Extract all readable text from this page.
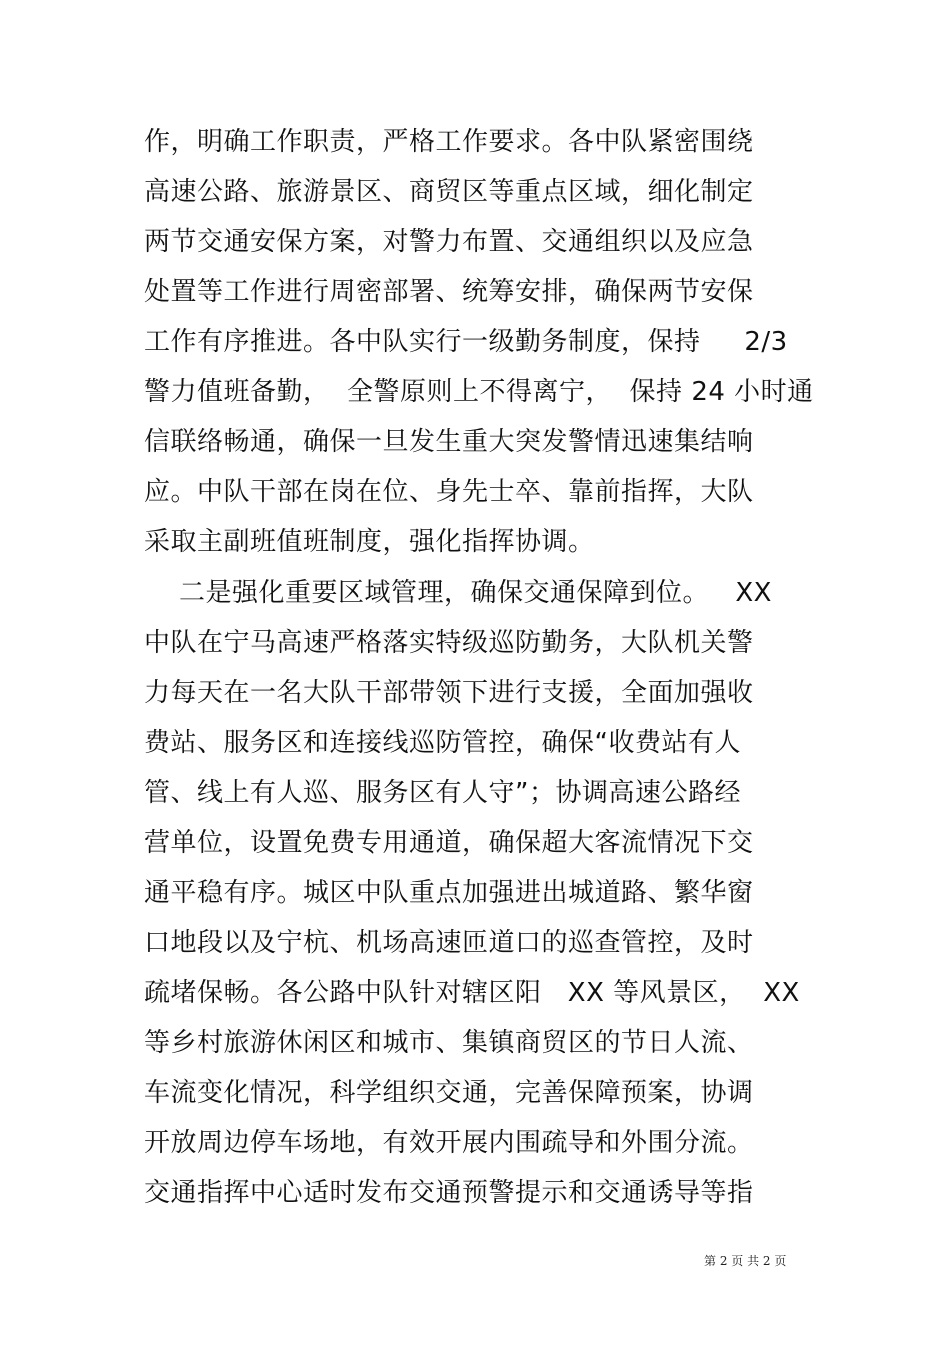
作，明确工作职责，严格工作要求。各中队紧密围绕
高速公路、旅游景区、商贸区等重点区域，细化制定
两节交通安保方案，对警力布置、交通组织以及应急
处置等工作进行周密部署、统筹安排，确保两节安保
工作有序推进。各中队实行一级勤务制度，保持     2/3
警力值班备勤，  全警原则上不得离宁，  保持 24 小时通
信联络畅通，确保一旦发生重大突发警情迅速集结响
应。中队干部在岗在位、身先士卒、靠前指挥，大队
采取主副班值班制度，强化指挥协调。
二是强化重要区域管理，确保交通保障到位。   XX
中队在宁马高速严格落实特级巡防勤务，大队机关警
力每天在一名大队干部带领下进行支援，全面加强收
费站、服务区和连接线巡防管控，确保“收费站有人
管、线上有人巡、服务区有人守”；协调高速公路经
营单位，设置免费专用通道，确保超大客流情况下交
通平稳有序。城区中队重点加强进出城道路、繁华窗
口地段以及宁杭、机场高速匝道口的巡查管控，及时
疏堵保畅。各公路中队针对辖区阳   XX 等风景区，  XX
等乡村旅游休闲区和城市、集镇商贸区的节日人流、
车流变化情况，科学组织交通，完善保障预案，协调
开放周边停车场地，有效开展内围疏导和外围分流。
交通指挥中心适时发布交通预警提示和交通诱导等指
第 2 页 共 2 页
